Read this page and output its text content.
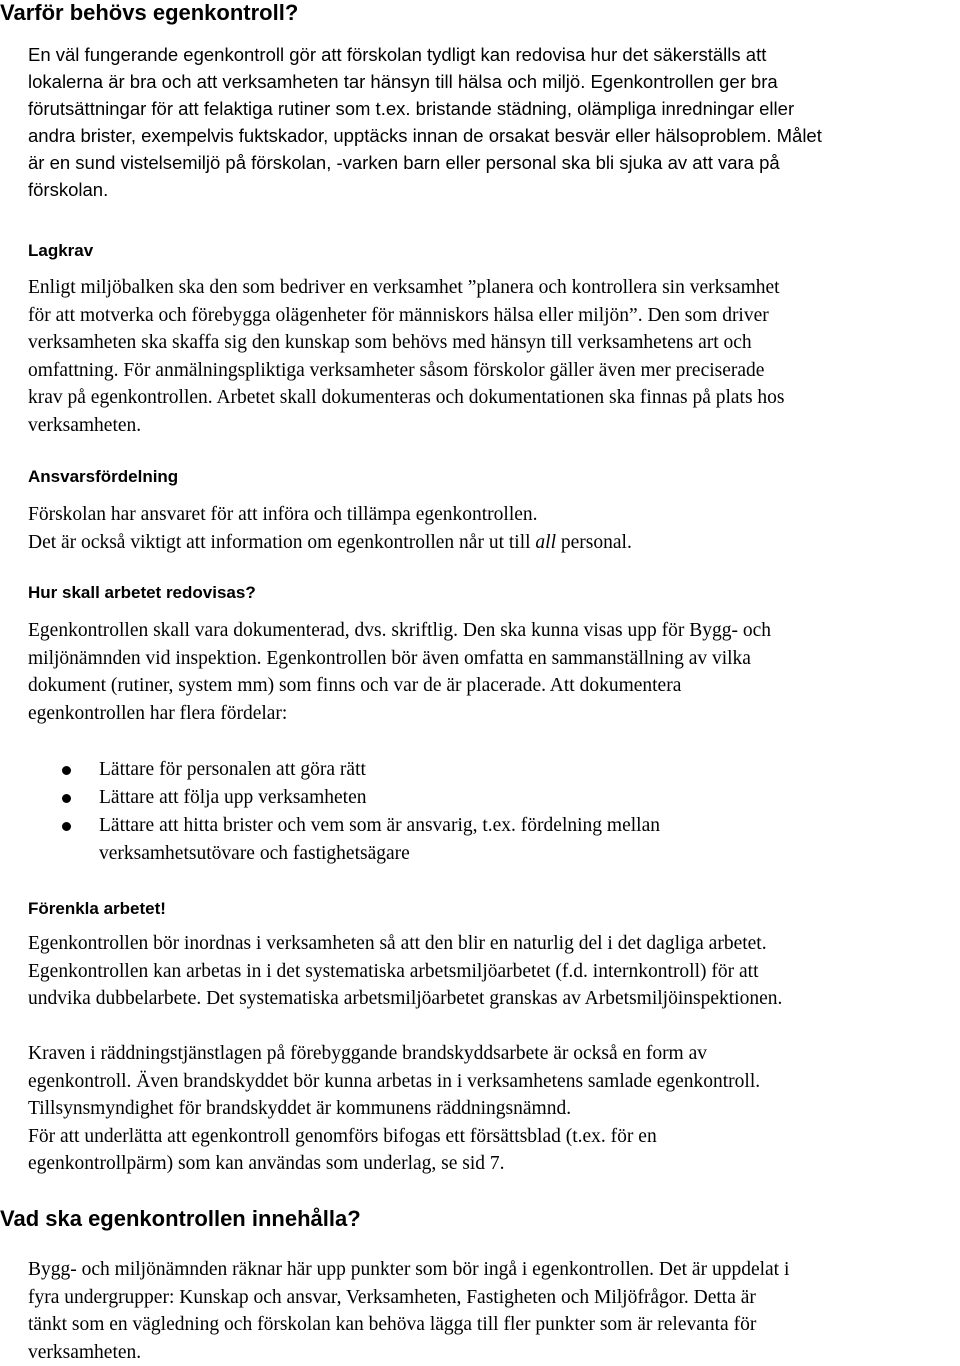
Varför behövs egenkontroll?
En väl fungerande egenkontroll gör att förskolan tydligt kan redovisa hur det säkerställs att
lokalerna är bra och att verksamheten tar hänsyn till hälsa och miljö. Egenkontrollen ger bra
förutsättningar för att felaktiga rutiner som t.ex. bristande städning, olämpliga inredningar eller
andra brister, exempelvis fuktskador, upptäcks innan de orsakat besvär eller hälsoproblem. Målet
är en sund vistelsemiljö på förskolan, -varken barn eller personal ska bli sjuka av att vara på
förskolan.
Lagkrav
Enligt miljöbalken ska den som bedriver en verksamhet ”planera och kontrollera sin verksamhet
för att motverka och förebygga olägenheter för människors hälsa eller miljön”. Den som driver
verksamheten ska skaffa sig den kunskap som behövs med hänsyn till verksamhetens art och
omfattning. För anmälningspliktiga verksamheter såsom förskolor gäller även mer preciserade
krav på egenkontrollen. Arbetet skall dokumenteras och dokumentationen ska finnas på plats hos
verksamheten.
Ansvarsfördelning
Förskolan har ansvaret för att införa och tillämpa egenkontrollen.
Det är också viktigt att information om egenkontrollen når ut till all personal.
Hur skall arbetet redovisas?
Egenkontrollen skall vara dokumenterad, dvs. skriftlig. Den ska kunna visas upp för Bygg- och
miljönämnden vid inspektion. Egenkontrollen bör även omfatta en sammanställning av vilka
dokument (rutiner, system mm) som finns och var de är placerade. Att dokumentera
egenkontrollen har flera fördelar:
Lättare för personalen att göra rätt
Lättare att följa upp verksamheten
Lättare att hitta brister och vem som är ansvarig, t.ex. fördelning mellan
verksamhetsutövare och fastighetsägare
Förenkla arbetet!
Egenkontrollen bör inordnas i verksamheten så att den blir en naturlig del i det dagliga arbetet.
Egenkontrollen kan arbetas in i det systematiska arbetsmiljöarbetet (f.d. internkontroll) för att
undvika dubbelarbete. Det systematiska arbetsmiljöarbetet granskas av Arbetsmiljöinspektionen.
Kraven i räddningstjänstlagen på förebyggande brandskyddsarbete är också en form av
egenkontroll. Även brandskyddet bör kunna arbetas in i verksamhetens samlade egenkontroll.
Tillsynsmyndighet för brandskyddet är kommunens räddningsnämnd.
För att underlätta att egenkontroll genomförs bifogas ett försättsblad (t.ex. för en
egenkontrollpärm) som kan användas som underlag, se sid 7.
Vad ska egenkontrollen innehålla?
Bygg- och miljönämnden räknar här upp punkter som bör ingå i egenkontrollen. Det är uppdelat i
fyra undergrupper: Kunskap och ansvar, Verksamheten, Fastigheten och Miljöfrågor. Detta är
tänkt som en vägledning och förskolan kan behöva lägga till fler punkter som är relevanta för
verksamheten.
